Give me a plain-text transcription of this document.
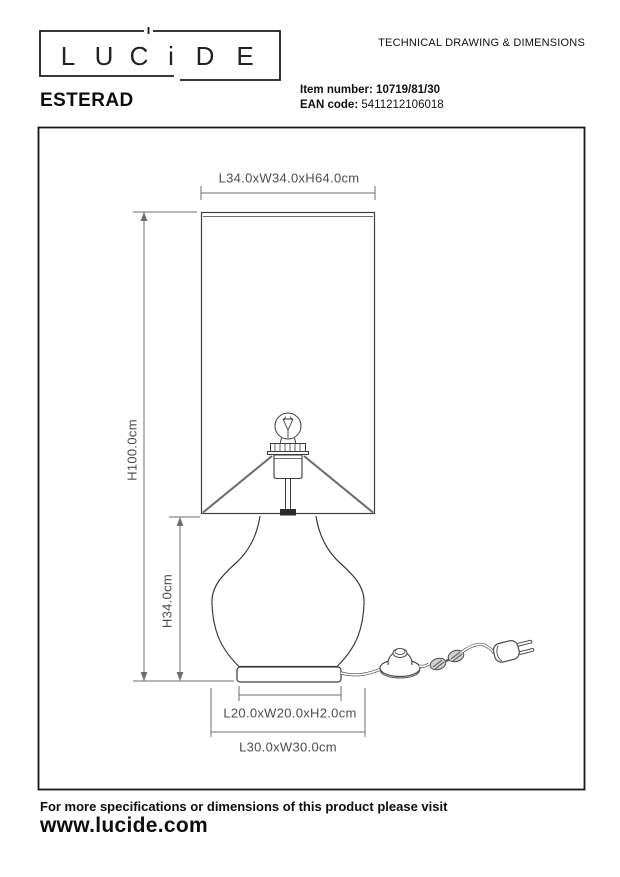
L U C i D E	TECHNICAL DRAWING & DIMENSIONS
ESTERAD	Item number: 10719/81/30
EAN code: 5411212106018
L34.0xW34.0xH64.0cm
H100.0cm
H34.0cm
L20.0xW20.0xH2.0cm
L30.0xW30.0cm
For more specifications or dimensions of this product please visit
www.lucide.com
